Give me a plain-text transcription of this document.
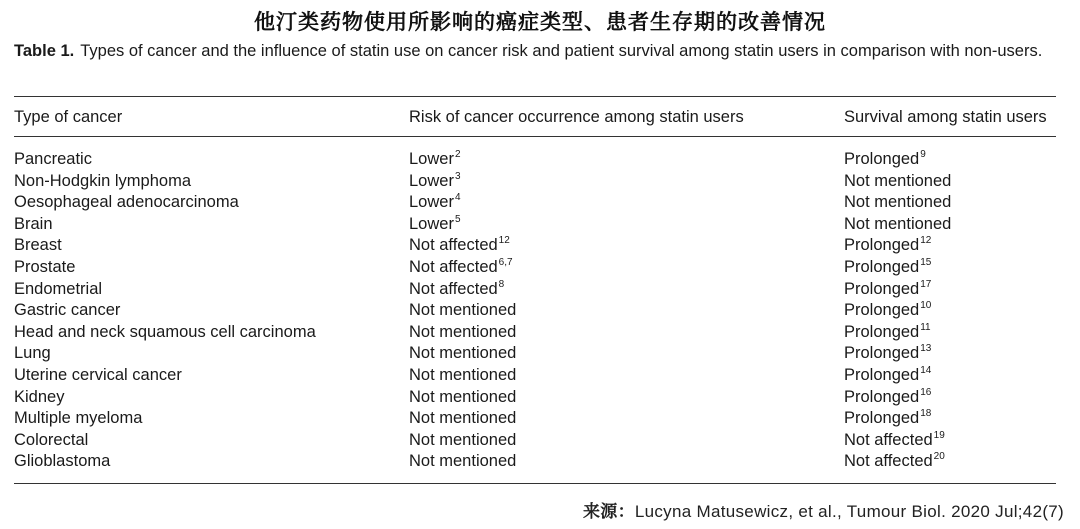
他汀类药物使用所影响的癌症类型、患者生存期的改善情况
Table 1. Types of cancer and the influence of statin use on cancer risk and patient survival among statin users in comparison with non-users.
Type of cancer	Risk of cancer occurrence among statin users	Survival among statin users
Pancreatic	Lower$^2$	Prolonged$^9$
Non-Hodgkin lymphoma	Lower$^3$	Not mentioned
Oesophageal adenocarcinoma	Lower$^4$	Not mentioned
Brain	Lower$^5$	Not mentioned
Breast	Not affected$^{12}$	Prolonged$^{12}$
Prostate	Not affected$^{6,7}$	Prolonged$^{15}$
Endometrial	Not affected$^8$	Prolonged$^{17}$
Gastric cancer	Not mentioned	Prolonged$^{10}$
Head and neck squamous cell carcinoma	Not mentioned	Prolonged$^{11}$
Lung	Not mentioned	Prolonged$^{13}$
Uterine cervical cancer	Not mentioned	Prolonged$^{14}$
Kidney	Not mentioned	Prolonged$^{16}$
Multiple myeloma	Not mentioned	Prolonged$^{18}$
Colorectal	Not mentioned	Not affected$^{19}$
Glioblastoma	Not mentioned	Not affected$^{20}$
来源：Lucyna Matusewicz, et al., Tumour Biol. 2020 Jul;42(7)
